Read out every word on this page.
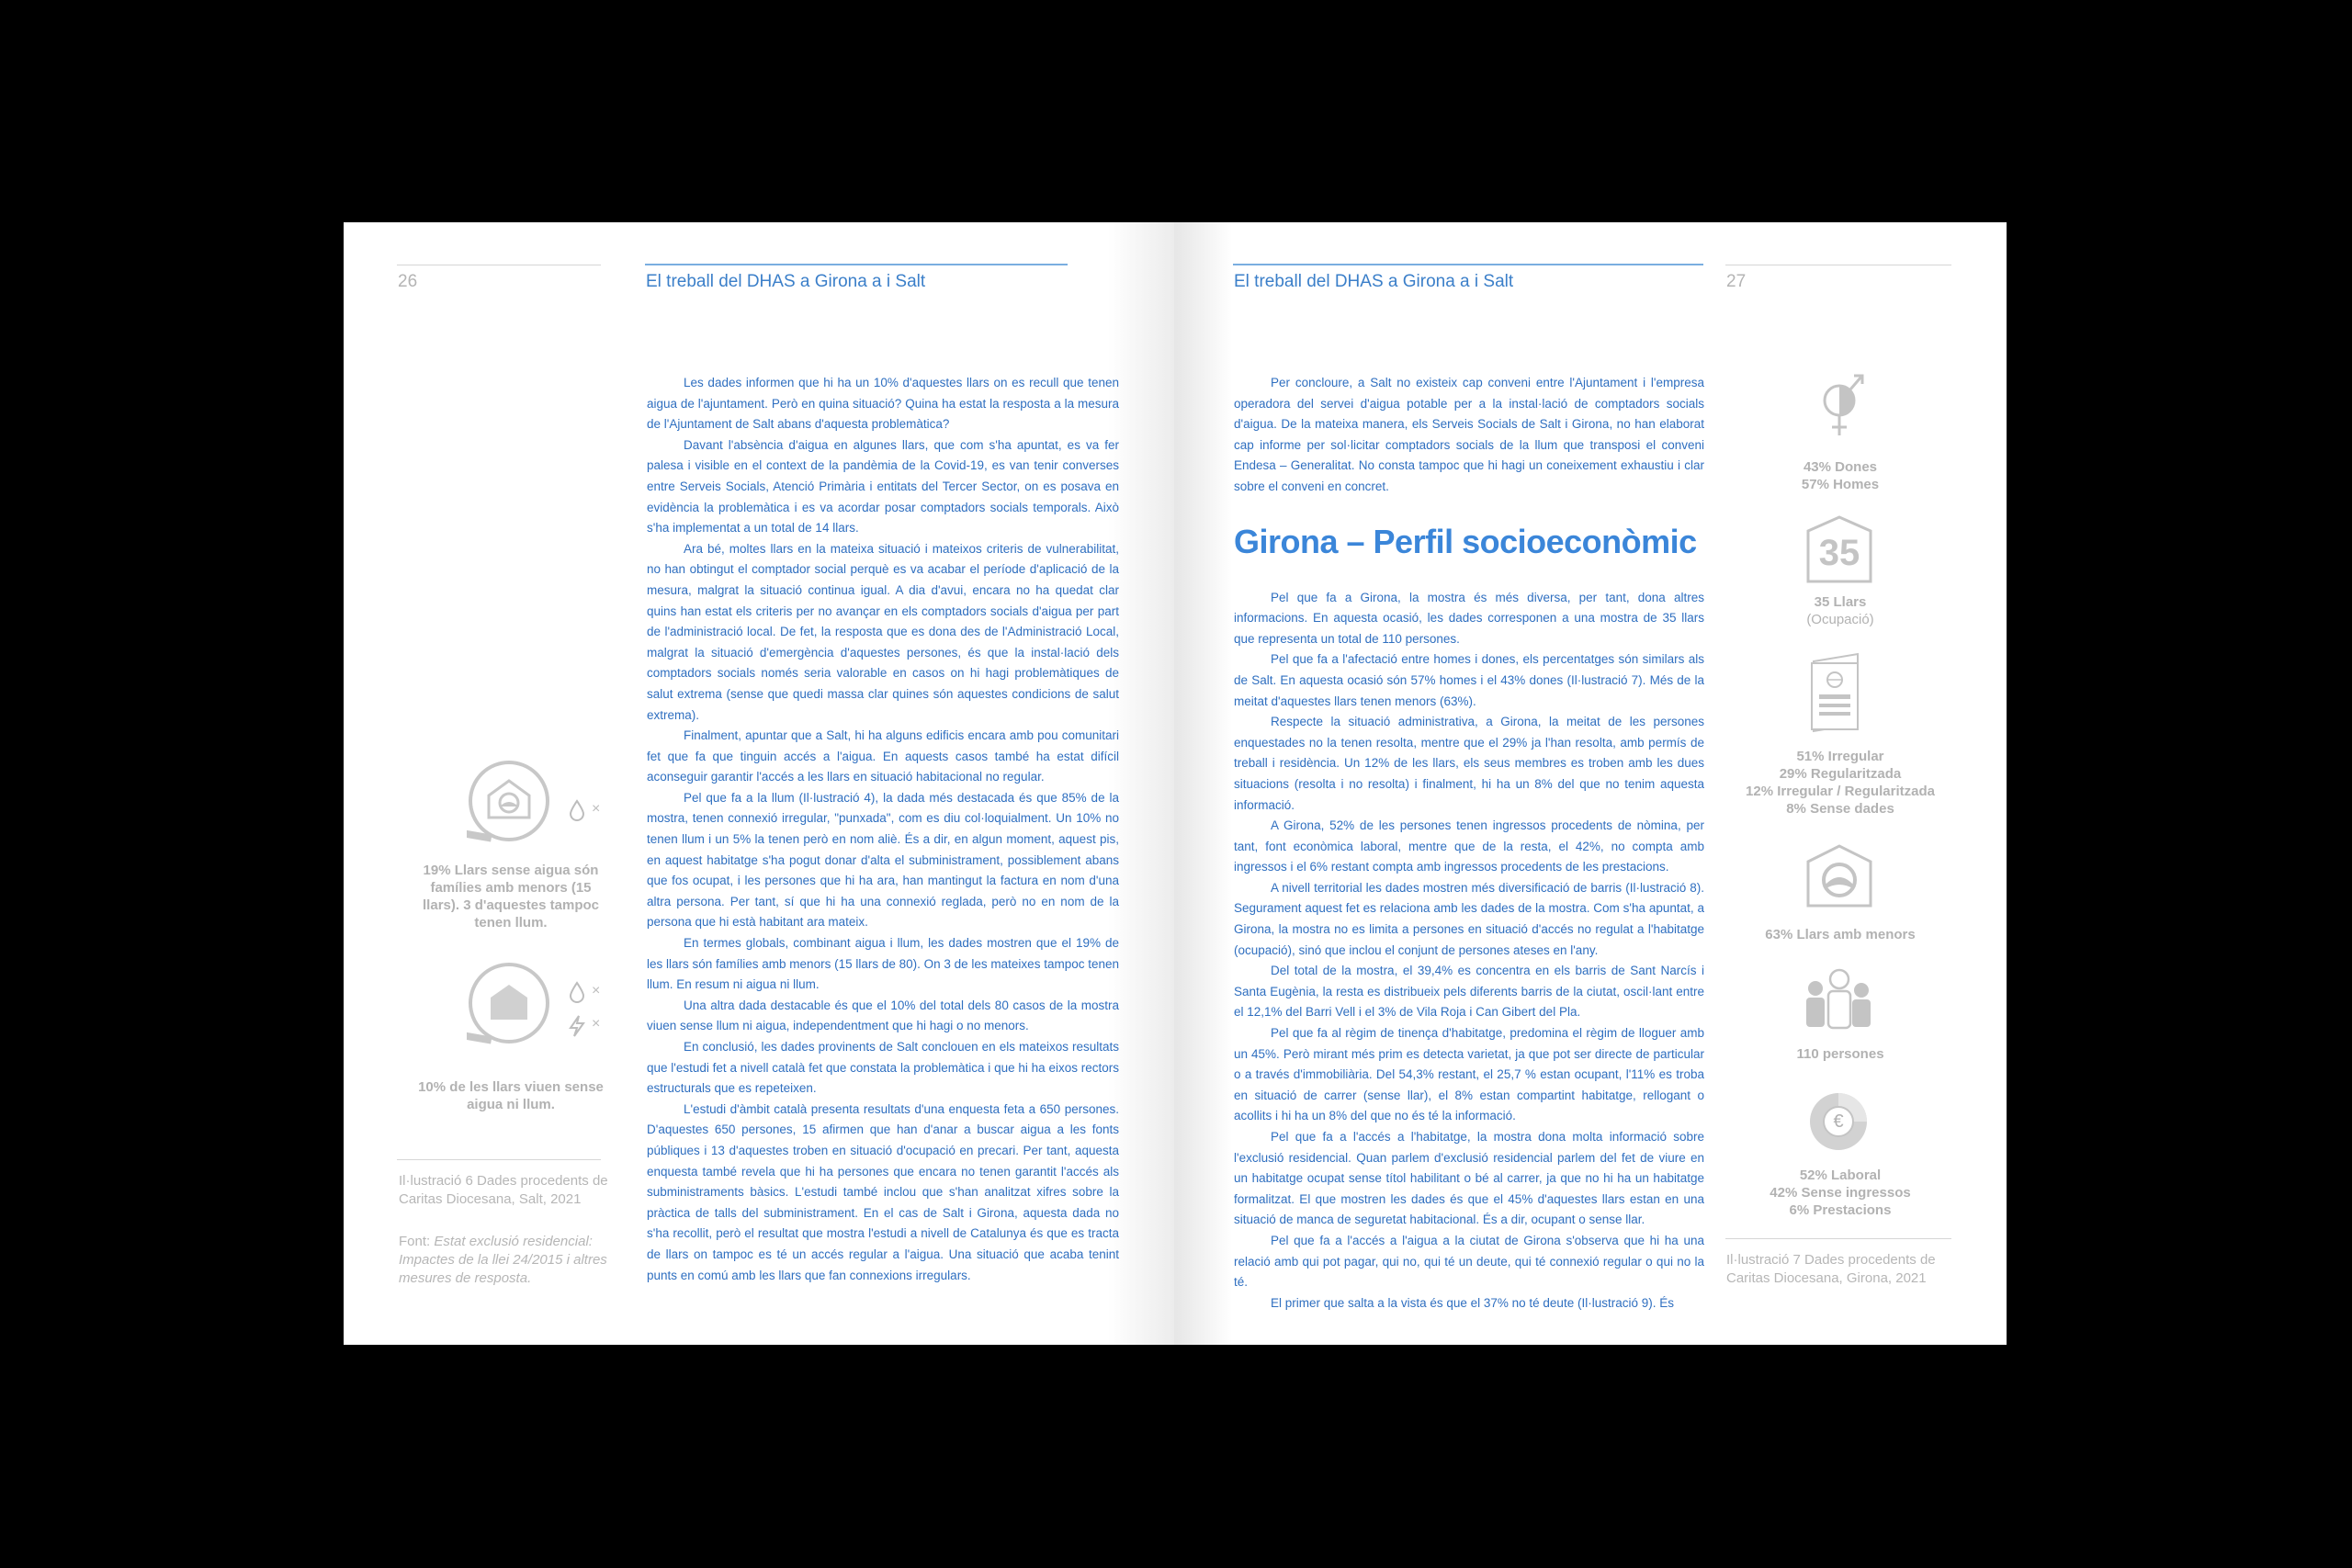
26	El treball del DHAS a Girona a i Salt

Les dades informen que hi ha un 10% d'aquestes llars on es recull que tenen aigua de l'ajuntament. Però en quina situació? Quina ha estat la resposta a la mesura de l'Ajuntament de Salt abans d'aquesta problemàtica?

Davant l'absència d'aigua en algunes llars, que com s'ha apuntat, es va fer palesa i visible en el context de la pandèmia de la Covid-19, es van tenir converses entre Serveis Socials, Atenció Primària i entitats del Tercer Sector, on es posava en evidència la problemàtica i es va acordar posar comptadors socials temporals. Això s'ha implementat a un total de 14 llars.

Ara bé, moltes llars en la mateixa situació i mateixos criteris de vulnerabilitat, no han obtingut el comptador social perquè es va acabar el període d'aplicació de la mesura, malgrat la situació continua igual. A dia d'avui, encara no ha quedat clar quins han estat els criteris per no avançar en els comptadors socials d'aigua per part de l'administració local. De fet, la resposta que es dona des de l'Administració Local, malgrat la situació d'emergència d'aquestes persones, és que la instal·lació dels comptadors socials només seria valorable en casos on hi hagi problemàtiques de salut extrema (sense que quedi massa clar quines són aquestes condicions de salut extrema).

Finalment, apuntar que a Salt, hi ha alguns edificis encara amb pou comunitari fet que fa que tinguin accés a l'aigua. En aquests casos també ha estat difícil aconseguir garantir l'accés a les llars en situació habitacional no regular.

Pel que fa a la llum (Il·lustració 4), la dada més destacada és que 85% de la mostra, tenen connexió irregular, "punxada", com es diu col·loquialment. Un 10% no tenen llum i un 5% la tenen però en nom aliè. És a dir, en algun moment, aquest pis, en aquest habitatge s'ha pogut donar d'alta el subministrament, possiblement abans que fos ocupat, i les persones que hi ha ara, han mantingut la factura en nom d'una altra persona. Per tant, sí que hi ha una connexió reglada, però no en nom de la persona que hi està habitant ara mateix.

En termes globals, combinant aigua i llum, les dades mostren que el 19% de les llars són famílies amb menors (15 llars de 80). On 3 de les mateixes tampoc tenen llum. En resum ni aigua ni llum.

Una altra dada destacable és que el 10% del total dels 80 casos de la mostra viuen sense llum ni aigua, independentment que hi hagi o no menors.

En conclusió, les dades provinents de Salt conclouen en els mateixos resultats que l'estudi fet a nivell català fet que constata la problemàtica i que hi ha eixos rectors estructurals que es repeteixen.

L'estudi d'àmbit català presenta resultats d'una enquesta feta a 650 persones. D'aquestes 650 persones, 15 afirmen que han d'anar a buscar aigua a les fonts públiques i 13 d'aquestes troben en situació d'ocupació en precari. Per tant, aquesta enquesta també revela que hi ha persones que encara no tenen garantit l'accés als subministraments bàsics. L'estudi també inclou que s'han analitzat xifres sobre la pràctica de talls del subministrament. En el cas de Salt i Girona, aquesta dada no s'ha recollit, però el resultat que mostra l'estudi a nivell de Catalunya és que es tracta de llars on tampoc es té un accés regular a l'aigua. Una situació que acaba tenint punts en comú amb les llars que fan connexions irregulars.

×
19% Llars sense aigua són famílies amb menors (15 llars). 3 d'aquestes tampoc tenen llum.
×
×
10% de les llars viuen sense aigua ni llum.
Il·lustració 6 Dades procedents de Caritas Diocesana, Salt, 2021
Font: Estat exclusió residencial: Impactes de la llei 24/2015 i altres mesures de resposta.
El treball del DHAS a Girona a i Salt	27

Per concloure, a Salt no existeix cap conveni entre l'Ajuntament i l'empresa operadora del servei d'aigua potable per a la instal·lació de comptadors socials d'aigua. De la mateixa manera, els Serveis Socials de Salt i Girona, no han elaborat cap informe per sol·licitar comptadors socials de la llum que transposi el conveni Endesa – Generalitat. No consta tampoc que hi hagi un coneixement exhaustiu i clar sobre el conveni en concret.

Girona – Perfil socioeconòmic

Pel que fa a Girona, la mostra és més diversa, per tant, dona altres informacions. En aquesta ocasió, les dades corresponen a una mostra de 35 llars que representa un total de 110 persones.

Pel que fa a l'afectació entre homes i dones, els percentatges són similars als de Salt. En aquesta ocasió són 57% homes i el 43% dones (Il·lustració 7). Més de la meitat d'aquestes llars tenen menors (63%).

Respecte la situació administrativa, a Girona, la meitat de les persones enquestades no la tenen resolta, mentre que el 29% ja l'han resolta, amb permís de treball i residència. Un 12% de les llars, els seus membres es troben amb les dues situacions (resolta i no resolta) i finalment, hi ha un 8% del que no tenim aquesta informació.

A Girona, 52% de les persones tenen ingressos procedents de nòmina, per tant, font econòmica laboral, mentre que de la resta, el 42%, no compta amb ingressos i el 6% restant compta amb ingressos procedents de les prestacions.

A nivell territorial les dades mostren més diversificació de barris (Il·lustració 8). Segurament aquest fet es relaciona amb les dades de la mostra. Com s'ha apuntat, a Girona, la mostra no es limita a persones en situació d'accés no regulat a l'habitatge (ocupació), sinó que inclou el conjunt de persones ateses en l'any.

Del total de la mostra, el 39,4% es concentra en els barris de Sant Narcís i Santa Eugènia, la resta es distribueix pels diferents barris de la ciutat, oscil·lant entre el 12,1% del Barri Vell i el 3% de Vila Roja i Can Gibert del Pla.

Pel que fa al règim de tinença d'habitatge, predomina el règim de lloguer amb un 45%. Però mirant més prim es detecta varietat, ja que pot ser directe de particular o a través d'immobiliària. Del 54,3% restant, el 25,7 % estan ocupant, l'11% es troba en situació de carrer (sense llar), el 8% estan compartint habitatge, rellogant o acollits i hi ha un 8% del que no és té la informació.

Pel que fa a l'accés a l'habitatge, la mostra dona molta informació sobre l'exclusió residencial. Quan parlem d'exclusió residencial parlem del fet de viure en un habitatge ocupat sense títol habilitant o bé al carrer, ja que no hi ha un habitatge formalitzat. El que mostren les dades és que el 45% d'aquestes llars estan en una situació de manca de seguretat habitacional. És a dir, ocupant o sense llar.

Pel que fa a l'accés a l'aigua a la ciutat de Girona s'observa que hi ha una relació amb qui pot pagar, qui no, qui té un deute, qui té connexió regular o qui no la té.

El primer que salta a la vista és que el 37% no té deute (Il·lustració 9). És

43% Dones
57% Homes
35
35 Llars
(Ocupació)
51% Irregular
29% Regularitzada
12% Irregular / Regularitzada
8% Sense dades
63% Llars amb menors
110 persones
€
52% Laboral
42% Sense ingressos
6% Prestacions
Il·lustració 7 Dades procedents de Caritas Diocesana, Girona, 2021
